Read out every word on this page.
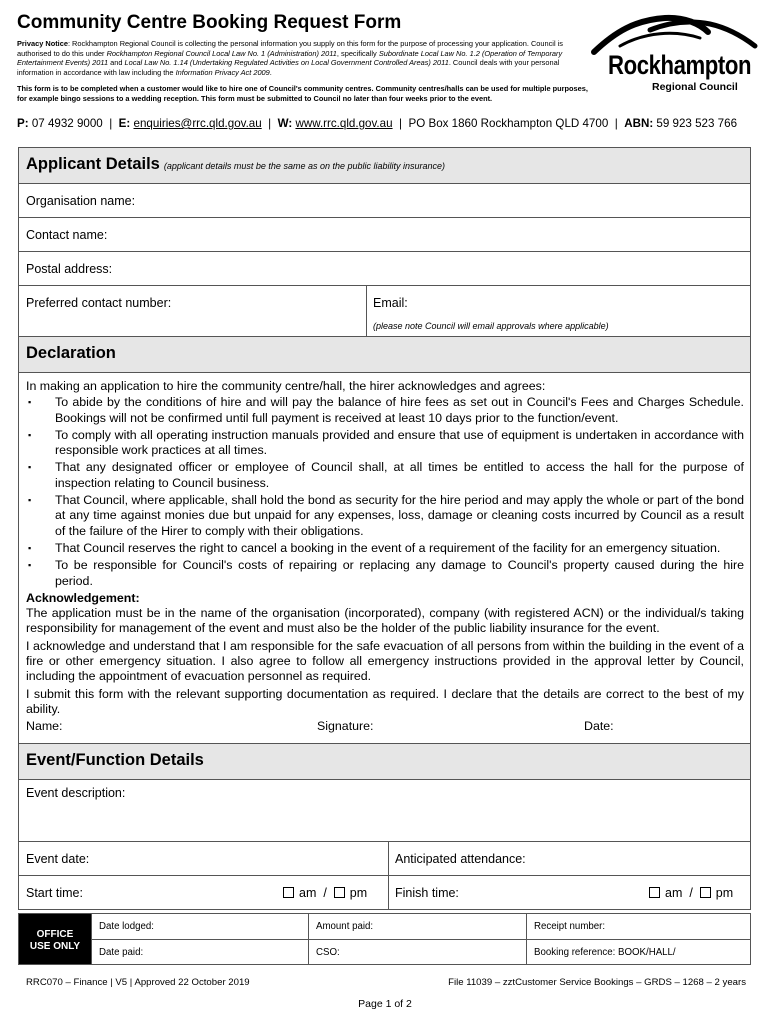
Community Centre Booking Request Form
Privacy Notice: Rockhampton Regional Council is collecting the personal information you supply on this form for the purpose of processing your application. Council is authorised to do this under Rockhampton Regional Council Local Law No. 1 (Administration) 2011, specifically Subordinate Local Law No. 1.2 (Operation of Temporary Entertainment Events) 2011 and Local Law No. 1.14 (Undertaking Regulated Activities on Local Government Controlled Areas) 2011. Council deals with your personal information in accordance with law including the Information Privacy Act 2009.
This form is to be completed when a customer would like to hire one of Council's community centres. Community centres/halls can be used for multiple purposes, for example bingo sessions to a wedding reception. This form must be submitted to Council no later than four weeks prior to the event.
P: 07 4932 9000 | E: enquiries@rrc.qld.gov.au | W: www.rrc.qld.gov.au | PO Box 1860 Rockhampton QLD 4700 | ABN: 59 923 523 766
Rockhampton
Regional Council
Applicant Details (applicant details must be the same as on the public liability insurance)
Organisation name:
Contact name:
Postal address:
Preferred contact number:	Email:
(please note Council will email approvals where applicable)
Declaration
In making an application to hire the community centre/hall, the hirer acknowledges and agrees:
▪ To abide by the conditions of hire and will pay the balance of hire fees as set out in Council's Fees and Charges Schedule. Bookings will not be confirmed until full payment is received at least 10 days prior to the function/event.
▪ To comply with all operating instruction manuals provided and ensure that use of equipment is undertaken in accordance with responsible work practices at all times.
▪ That any designated officer or employee of Council shall, at all times be entitled to access the hall for the purpose of inspection relating to Council business.
▪ That Council, where applicable, shall hold the bond as security for the hire period and may apply the whole or part of the bond at any time against monies due but unpaid for any expenses, loss, damage or cleaning costs incurred by Council as a result of the failure of the Hirer to comply with their obligations.
▪ That Council reserves the right to cancel a booking in the event of a requirement of the facility for an emergency situation.
▪ To be responsible for Council's costs of repairing or replacing any damage to Council's property caused during the hire period.
Acknowledgement:

The application must be in the name of the organisation (incorporated), company (with registered ACN) or the individual/s taking responsibility for management of the event and must also be the holder of the public liability insurance for the event.

I acknowledge and understand that I am responsible for the safe evacuation of all persons from within the building in the event of a fire or other emergency situation. I also agree to follow all emergency instructions provided in the approval letter by Council, including the appointment of evacuation personnel as required.

I submit this form with the relevant supporting documentation as required. I declare that the details are correct to the best of my ability.

Name:	Signature:	Date:
Event/Function Details
Event description:
Event date:	Anticipated attendance:
Start time:	am / pm Finish time:	am / pm
OFFICE
USE ONLY
Date lodged:	Amount paid:	Receipt number:
Date paid:	CSO:	Booking reference: BOOK/HALL/
RRC070 – Finance | V5 | Approved 22 October 2019	File 11039 – zztCustomer Service Bookings – GRDS – 1268 – 2 years
Page 1 of 2
